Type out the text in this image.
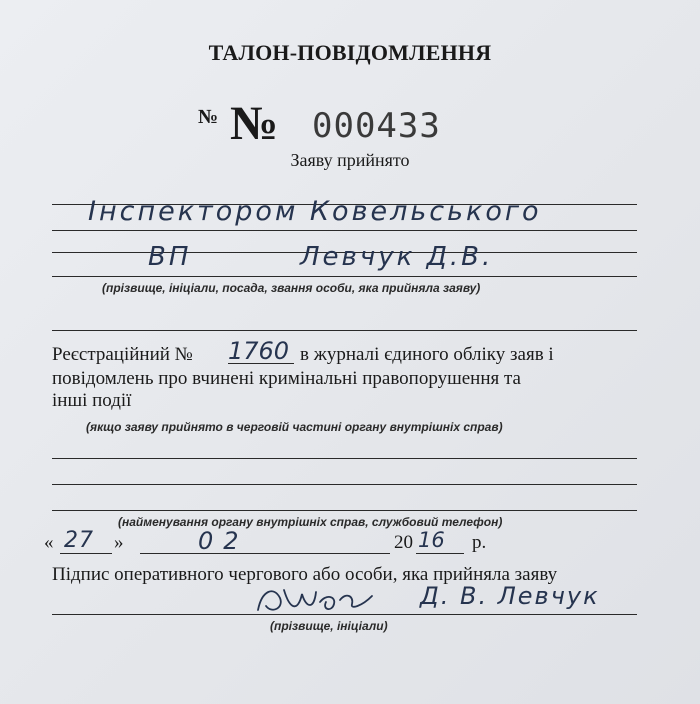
ТАЛОН-ПОВІДОМЛЕННЯ
№ № 000433
Заяву прийнято
Інспектором Ковельського
ВП	Левчук Д.В.
(прізвище, ініціали, посада, звання особи, яка прийняла заяву)
Реєстраційний № 1760 в журналі єдиного обліку заяв і
повідомлень про вчинені кримінальні правопорушення та
інші події
(якщо заяву прийнято в черговій частині органу внутрішніх справ)
(найменування органу внутрішніх справ, службовий телефон)
« 27 »	02	20 16 р.
Підпис оперативного чергового або особи, яка прийняла заяву
Д. В. Левчук
(прізвище, ініціали)
